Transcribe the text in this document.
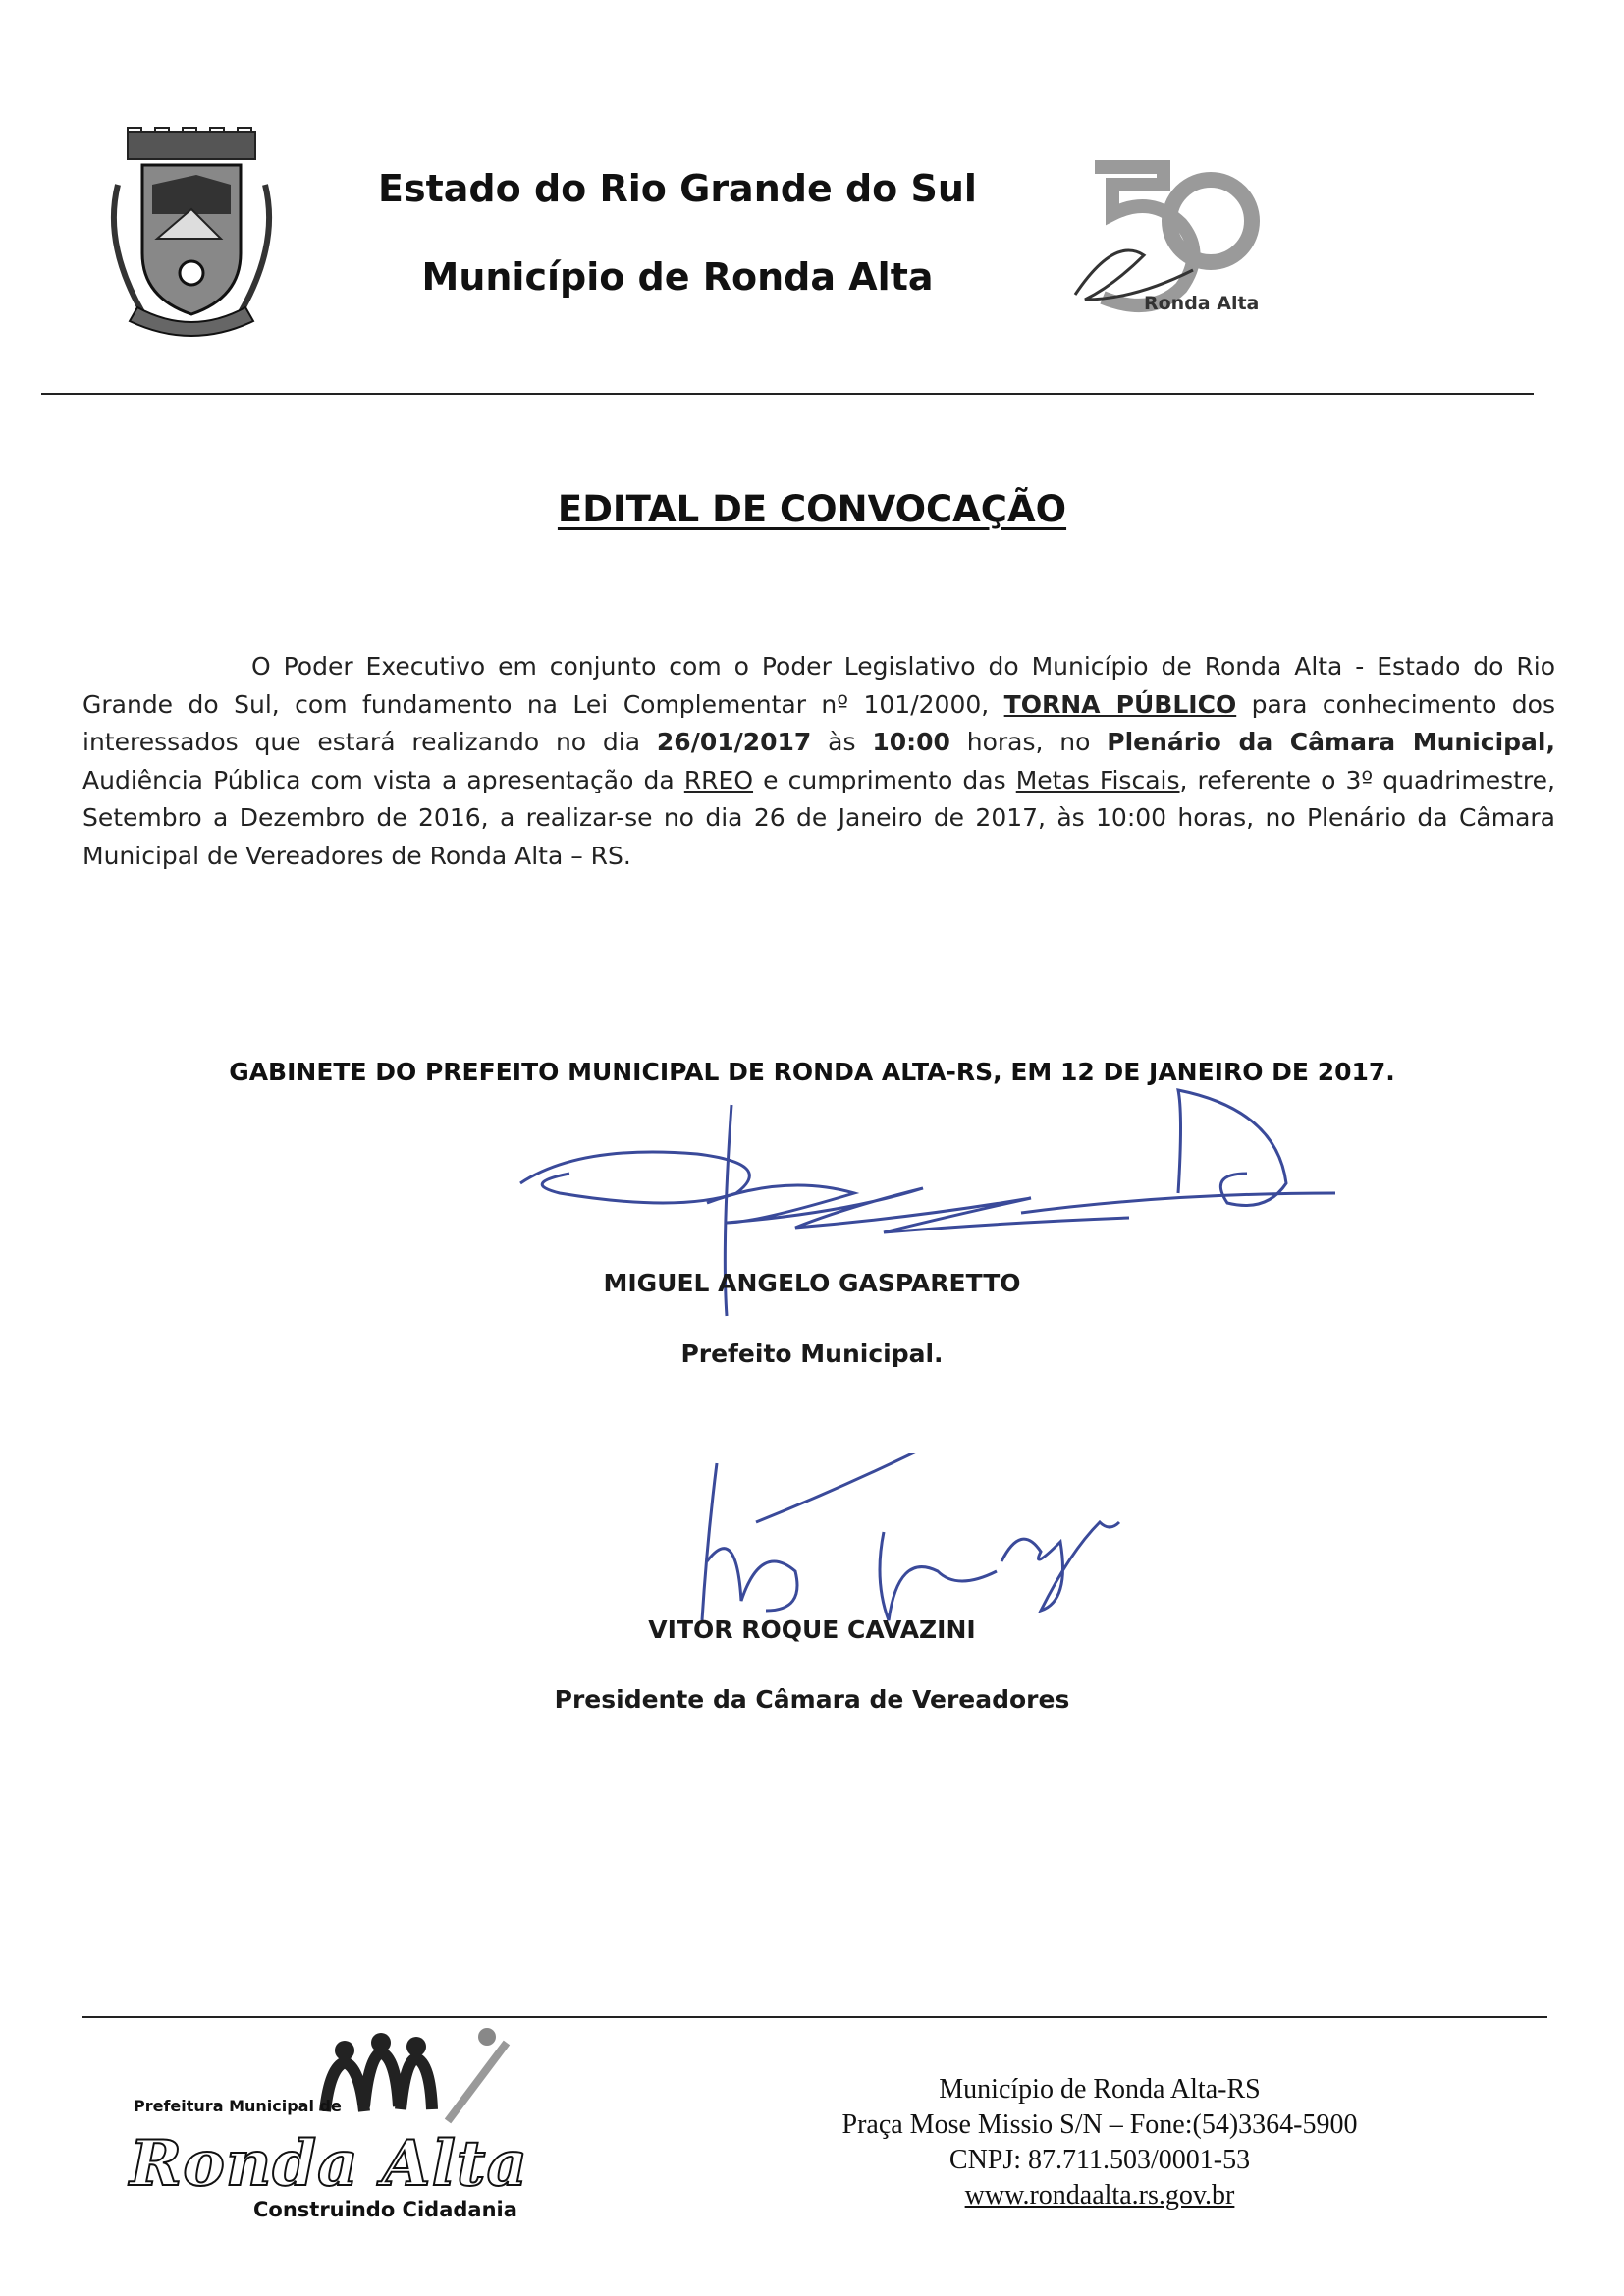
Estado do Rio Grande do Sul
Município de Ronda Alta
Ronda Alta
EDITAL DE CONVOCAÇÃO
O Poder Executivo em conjunto com o Poder Legislativo do Município de Ronda Alta - Estado do Rio Grande do Sul, com fundamento na Lei Complementar nº 101/2000, TORNA PÚBLICO para conhecimento dos interessados que estará realizando no dia 26/01/2017 às 10:00 horas, no Plenário da Câmara Municipal, Audiência Pública com vista a apresentação da RREO e cumprimento das Metas Fiscais, referente o 3º quadrimestre, Setembro a Dezembro de 2016, a realizar-se no dia 26 de Janeiro de 2017, às 10:00 horas, no Plenário da Câmara Municipal de Vereadores de Ronda Alta – RS.
GABINETE DO PREFEITO MUNICIPAL DE RONDA ALTA-RS, EM 12 DE JANEIRO DE 2017.
MIGUEL ANGELO GASPARETTO
Prefeito Municipal.
VITOR ROQUE CAVAZINI
Presidente da Câmara de Vereadores
Prefeitura Municipal de
Ronda Alta
Construindo Cidadania
Município de Ronda Alta-RS
Praça Mose Missio S/N – Fone:(54)3364-5900
CNPJ: 87.711.503/0001-53
www.rondaalta.rs.gov.br
